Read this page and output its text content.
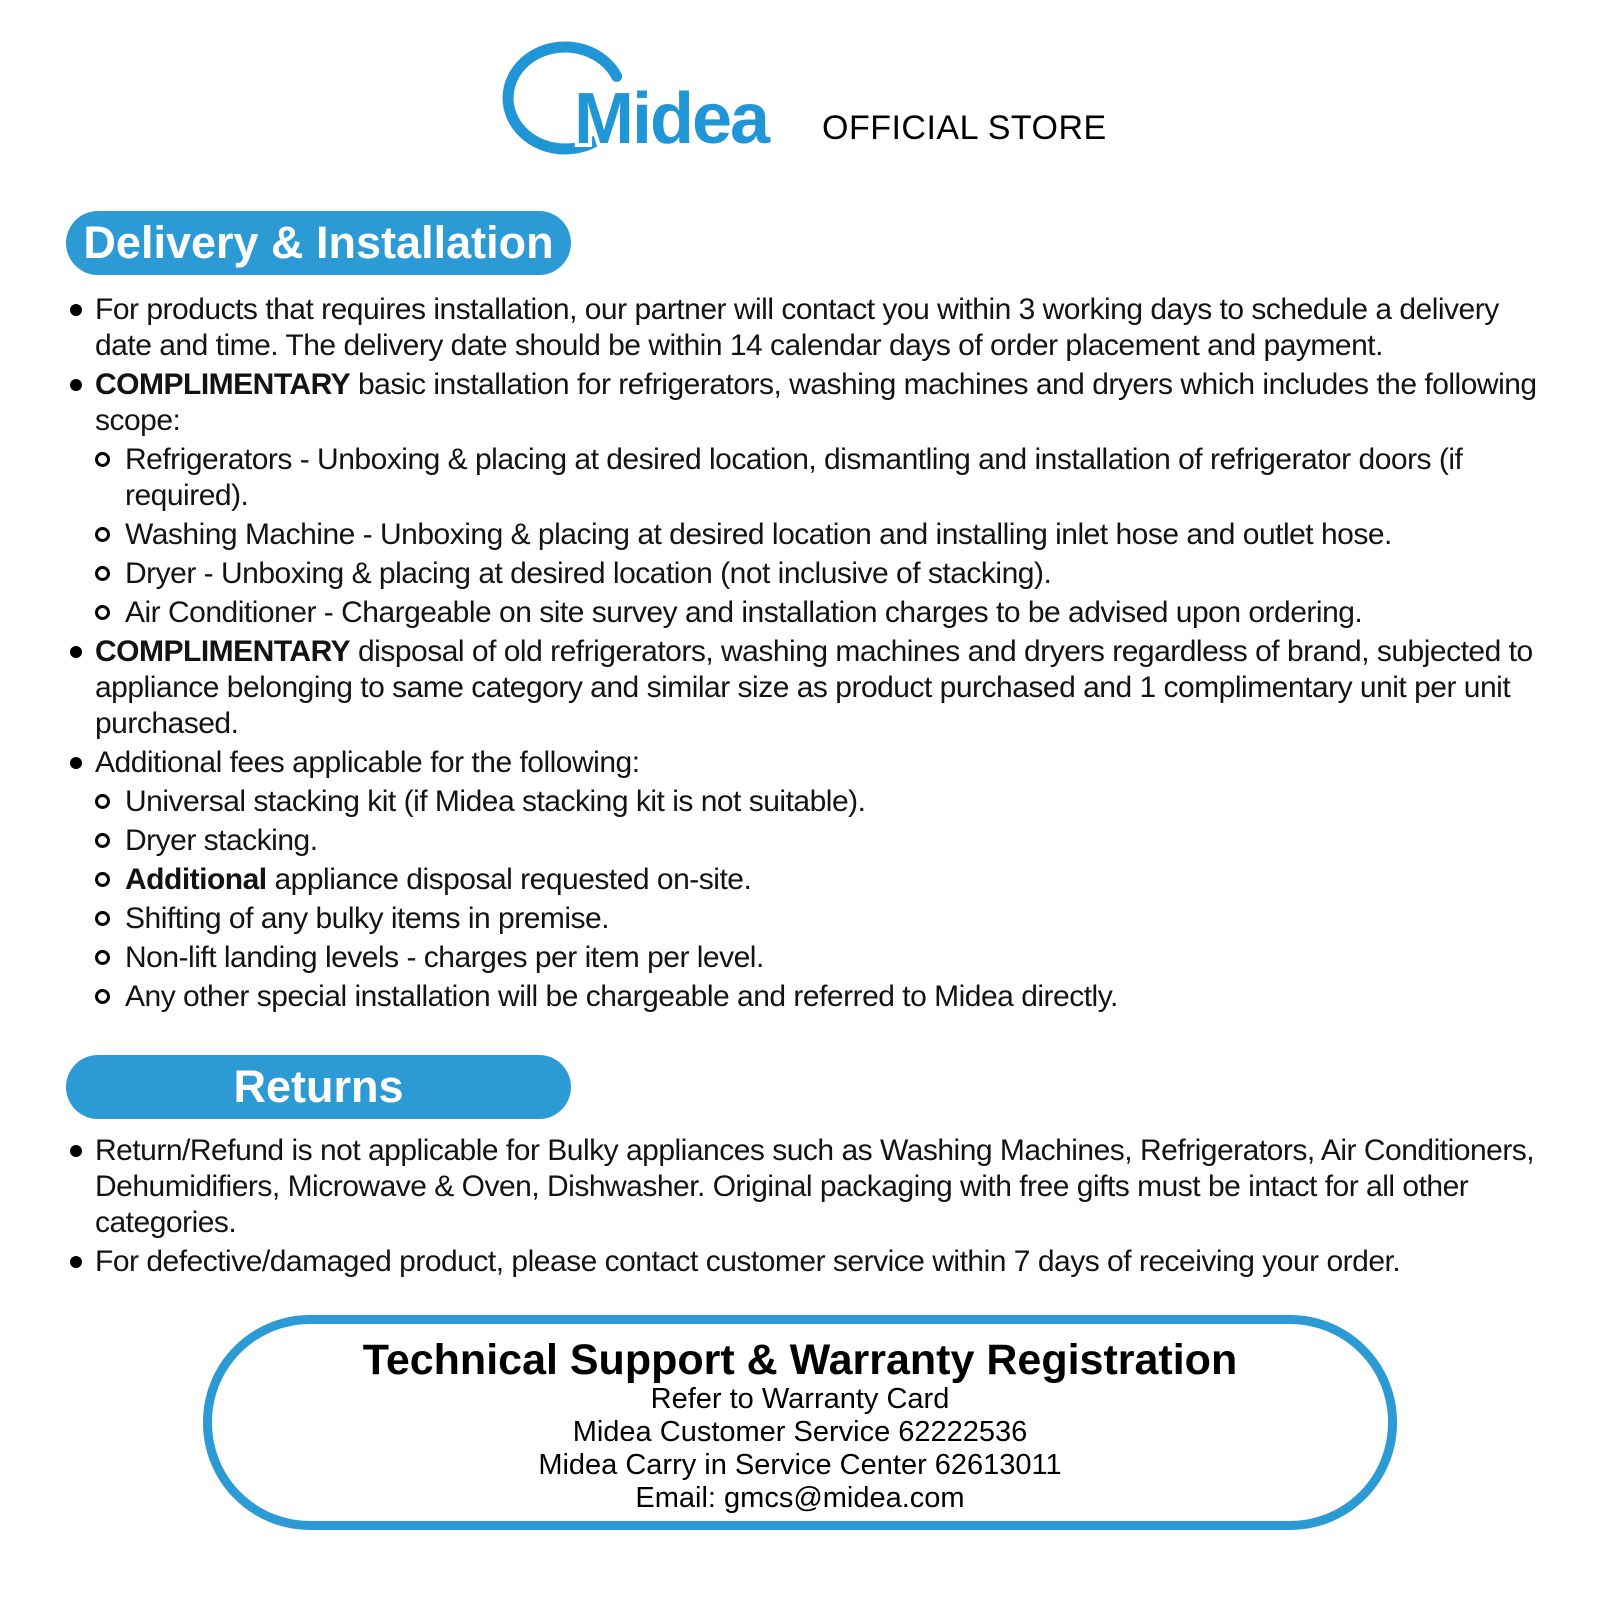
Midea OFFICIAL STORE
Delivery & Installation
For products that requires installation, our partner will contact you within 3 working days to schedule a delivery date and time. The delivery date should be within 14 calendar days of order placement and payment.
COMPLIMENTARY basic installation for refrigerators, washing machines and dryers which includes the following scope:
Refrigerators - Unboxing & placing at desired location, dismantling and installation of refrigerator doors (if required).
Washing Machine - Unboxing & placing at desired location and installing inlet hose and outlet hose.
Dryer - Unboxing & placing at desired location (not inclusive of stacking).
Air Conditioner - Chargeable on site survey and installation charges to be advised upon ordering.
COMPLIMENTARY disposal of old refrigerators, washing machines and dryers regardless of brand, subjected to appliance belonging to same category and similar size as product purchased and 1 complimentary unit per unit purchased.
Additional fees applicable for the following:
Universal stacking kit (if Midea stacking kit is not suitable).
Dryer stacking.
Additional appliance disposal requested on-site.
Shifting of any bulky items in premise.
Non-lift landing levels - charges per item per level.
Any other special installation will be chargeable and referred to Midea directly.
Returns
Return/Refund is not applicable for Bulky appliances such as Washing Machines, Refrigerators, Air Conditioners, Dehumidifiers, Microwave & Oven, Dishwasher. Original packaging with free gifts must be intact for all other categories.
For defective/damaged product, please contact customer service within 7 days of receiving your order.
Technical Support & Warranty Registration
Refer to Warranty Card
Midea Customer Service 62222536
Midea Carry in Service Center 62613011
Email: gmcs@midea.com
